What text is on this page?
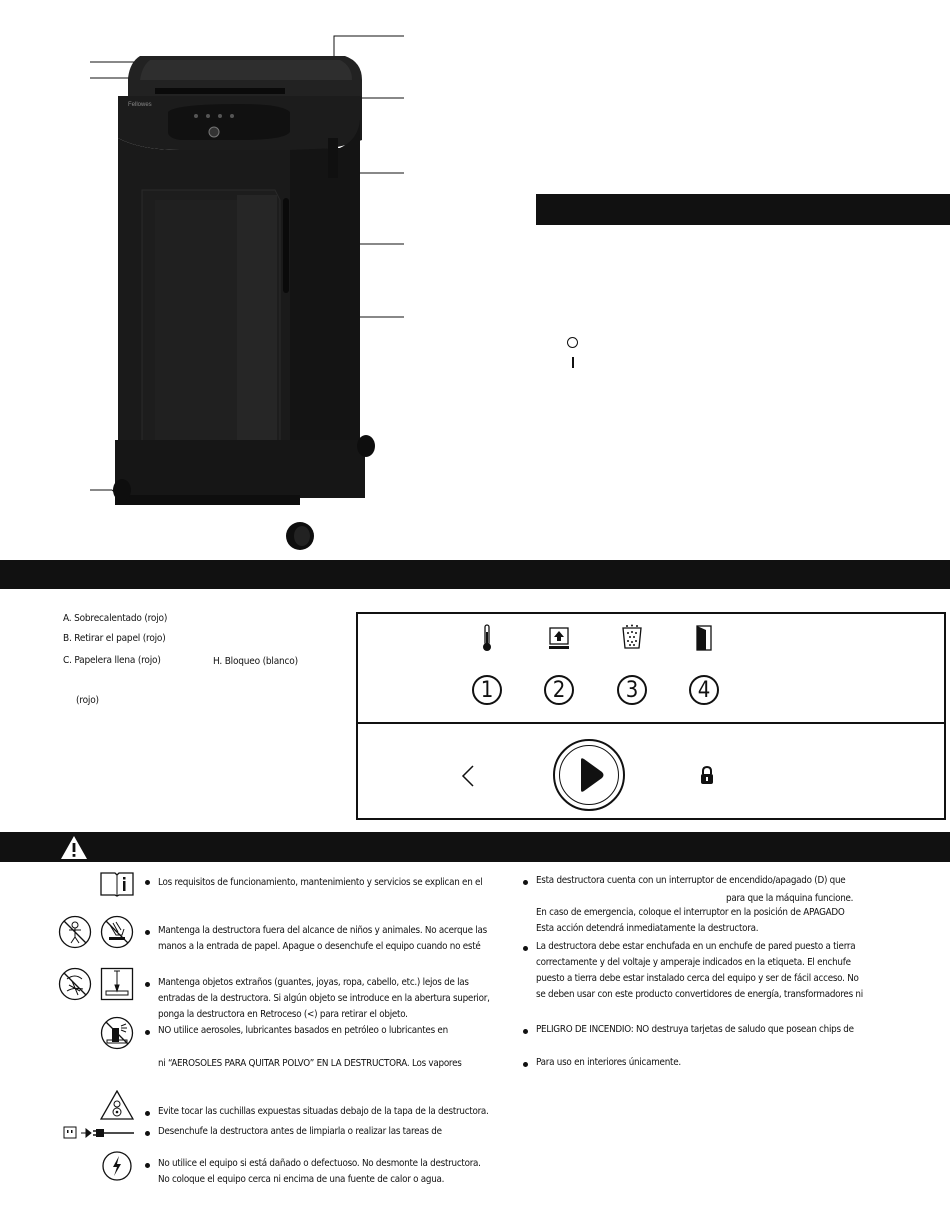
Fellowes
A. Sobrecalentado (rojo)
B. Retirar el papel (rojo)
C. Papelera llena (rojo)	H. Bloqueo (blanco)
(rojo)	1	2	3	4
Los requisitos de funcionamiento, mantenimiento y servicios se explican en el
Mantenga la destructora fuera del alcance de niños y animales. No acerque las
manos a la entrada de papel. Apague o desenchufe el equipo cuando no esté
Mantenga objetos extraños (guantes, joyas, ropa, cabello, etc.) lejos de las
entradas de la destructora. Si algún objeto se introduce en la abertura superior,
ponga la destructora en Retroceso (<) para retirar el objeto.
NO utilice aerosoles, lubricantes basados en petróleo o lubricantes en
ni “AEROSOLES PARA QUITAR POLVO” EN LA DESTRUCTORA. Los vapores
Evite tocar las cuchillas expuestas situadas debajo de la tapa de la destructora.
Desenchufe la destructora antes de limpiarla o realizar las tareas de
No utilice el equipo si está dañado o defectuoso. No desmonte la destructora.
No coloque el equipo cerca ni encima de una fuente de calor o agua.
Esta destructora cuenta con un interruptor de encendido/apagado (D) que
para que la máquina funcione.
En caso de emergencia, coloque el interruptor en la posición de APAGADO
Esta acción detendrá inmediatamente la destructora.
La destructora debe estar enchufada en un enchufe de pared puesto a tierra
correctamente y del voltaje y amperaje indicados en la etiqueta. El enchufe
puesto a tierra debe estar instalado cerca del equipo y ser de fácil acceso. No
se deben usar con este producto convertidores de energía, transformadores ni
PELIGRO DE INCENDIO: NO destruya tarjetas de saludo que posean chips de
Para uso en interiores únicamente.
